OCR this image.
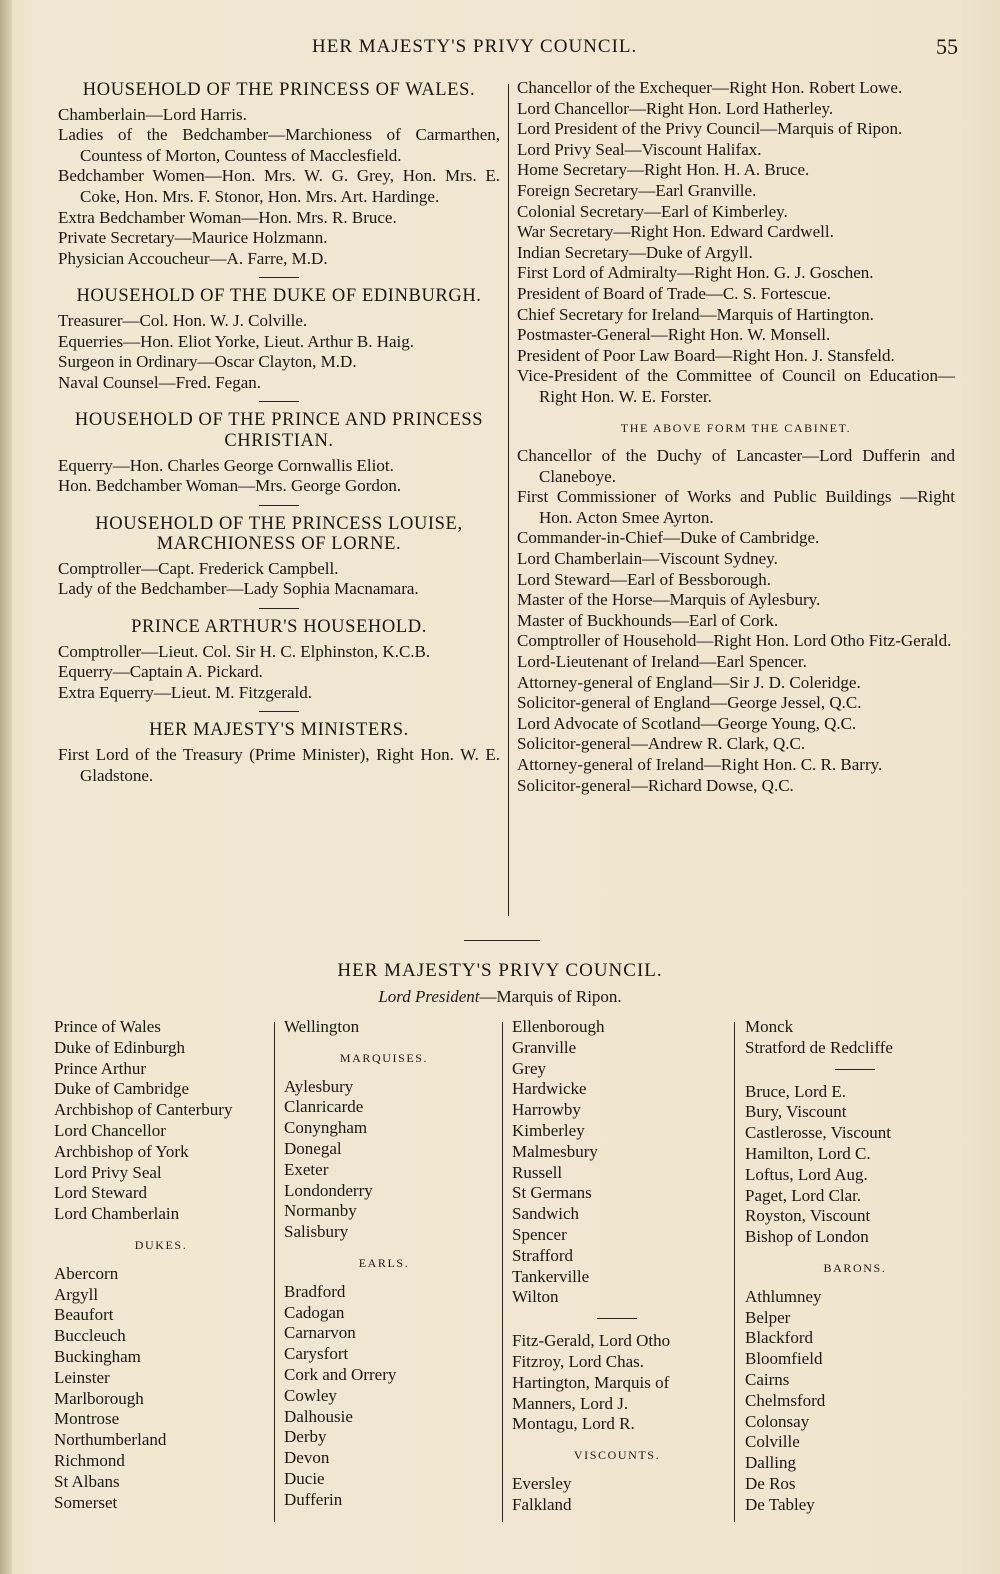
HER MAJESTY'S PRIVY COUNCIL.	55

HOUSEHOLD OF THE PRINCESS OF WALES.

Chamberlain—Lord Harris.

Ladies of the Bedchamber—Marchioness of Carmarthen, Countess of Morton, Countess of Macclesfield.

Bedchamber Women—Hon. Mrs. W. G. Grey, Hon. Mrs. E. Coke, Hon. Mrs. F. Stonor, Hon. Mrs. Art. Hardinge.

Extra Bedchamber Woman—Hon. Mrs. R. Bruce.

Private Secretary—Maurice Holzmann.

Physician Accoucheur—A. Farre, M.D.

HOUSEHOLD OF THE DUKE OF EDINBURGH.

Treasurer—Col. Hon. W. J. Colville.

Equerries—Hon. Eliot Yorke, Lieut. Arthur B. Haig.

Surgeon in Ordinary—Oscar Clayton, M.D.

Naval Counsel—Fred. Fegan.

HOUSEHOLD OF THE PRINCE AND PRINCESS CHRISTIAN.

Equerry—Hon. Charles George Cornwallis Eliot.

Hon. Bedchamber Woman—Mrs. George Gordon.

HOUSEHOLD OF THE PRINCESS LOUISE, MARCHIONESS OF LORNE.

Comptroller—Capt. Frederick Campbell.

Lady of the Bedchamber—Lady Sophia Macnamara.

PRINCE ARTHUR'S HOUSEHOLD.

Comptroller—Lieut. Col. Sir H. C. Elphinston, K.C.B.

Equerry—Captain A. Pickard.

Extra Equerry—Lieut. M. Fitzgerald.

HER MAJESTY'S MINISTERS.

First Lord of the Treasury (Prime Minister), Right Hon. W. E. Gladstone.

Chancellor of the Exchequer—Right Hon. Robert Lowe.

Lord Chancellor—Right Hon. Lord Hatherley.

Lord President of the Privy Council—Marquis of Ripon.

Lord Privy Seal—Viscount Halifax.

Home Secretary—Right Hon. H. A. Bruce.

Foreign Secretary—Earl Granville.

Colonial Secretary—Earl of Kimberley.

War Secretary—Right Hon. Edward Cardwell.

Indian Secretary—Duke of Argyll.

First Lord of Admiralty—Right Hon. G. J. Goschen.

President of Board of Trade—C. S. Fortescue.

Chief Secretary for Ireland—Marquis of Hartington.

Postmaster-General—Right Hon. W. Monsell.

President of Poor Law Board—Right Hon. J. Stansfeld.

Vice-President of the Committee of Council on Education—Right Hon. W. E. Forster.

THE ABOVE FORM THE CABINET.

Chancellor of the Duchy of Lancaster—Lord Dufferin and Claneboye.

First Commissioner of Works and Public Buildings —Right Hon. Acton Smee Ayrton.

Commander-in-Chief—Duke of Cambridge.

Lord Chamberlain—Viscount Sydney.

Lord Steward—Earl of Bessborough.

Master of the Horse—Marquis of Aylesbury.

Master of Buckhounds—Earl of Cork.

Comptroller of Household—Right Hon. Lord Otho Fitz-Gerald.

Lord-Lieutenant of Ireland—Earl Spencer.

Attorney-general of England—Sir J. D. Coleridge.

Solicitor-general of England—George Jessel, Q.C.

Lord Advocate of Scotland—George Young, Q.C.

Solicitor-general—Andrew R. Clark, Q.C.

Attorney-general of Ireland—Right Hon. C. R. Barry.

Solicitor-general—Richard Dowse, Q.C.

HER MAJESTY'S PRIVY COUNCIL.
Lord President—Marquis of Ripon.

Prince of Wales

Duke of Edinburgh

Prince Arthur

Duke of Cambridge

Archbishop of Canterbury

Lord Chancellor

Archbishop of York

Lord Privy Seal

Lord Steward

Lord Chamberlain

DUKES.

Abercorn

Argyll

Beaufort

Buccleuch

Buckingham

Leinster

Marlborough

Montrose

Northumberland

Richmond

St Albans

Somerset

Wellington

MARQUISES.

Aylesbury

Clanricarde

Conyngham

Donegal

Exeter

Londonderry

Normanby

Salisbury

EARLS.

Bradford

Cadogan

Carnarvon

Carysfort

Cork and Orrery

Cowley

Dalhousie

Derby

Devon

Ducie

Dufferin

Ellenborough

Granville

Grey

Hardwicke

Harrowby

Kimberley

Malmesbury

Russell

St Germans

Sandwich

Spencer

Strafford

Tankerville

Wilton

Fitz-Gerald, Lord Otho

Fitzroy, Lord Chas.

Hartington, Marquis of

Manners, Lord J.

Montagu, Lord R.

VISCOUNTS.

Eversley

Falkland

Monck

Stratford de Redcliffe

Bruce, Lord E.

Bury, Viscount

Castlerosse, Viscount

Hamilton, Lord C.

Loftus, Lord Aug.

Paget, Lord Clar.

Royston, Viscount

Bishop of London

BARONS.

Athlumney

Belper

Blackford

Bloomfield

Cairns

Chelmsford

Colonsay

Colville

Dalling

De Ros

De Tabley
